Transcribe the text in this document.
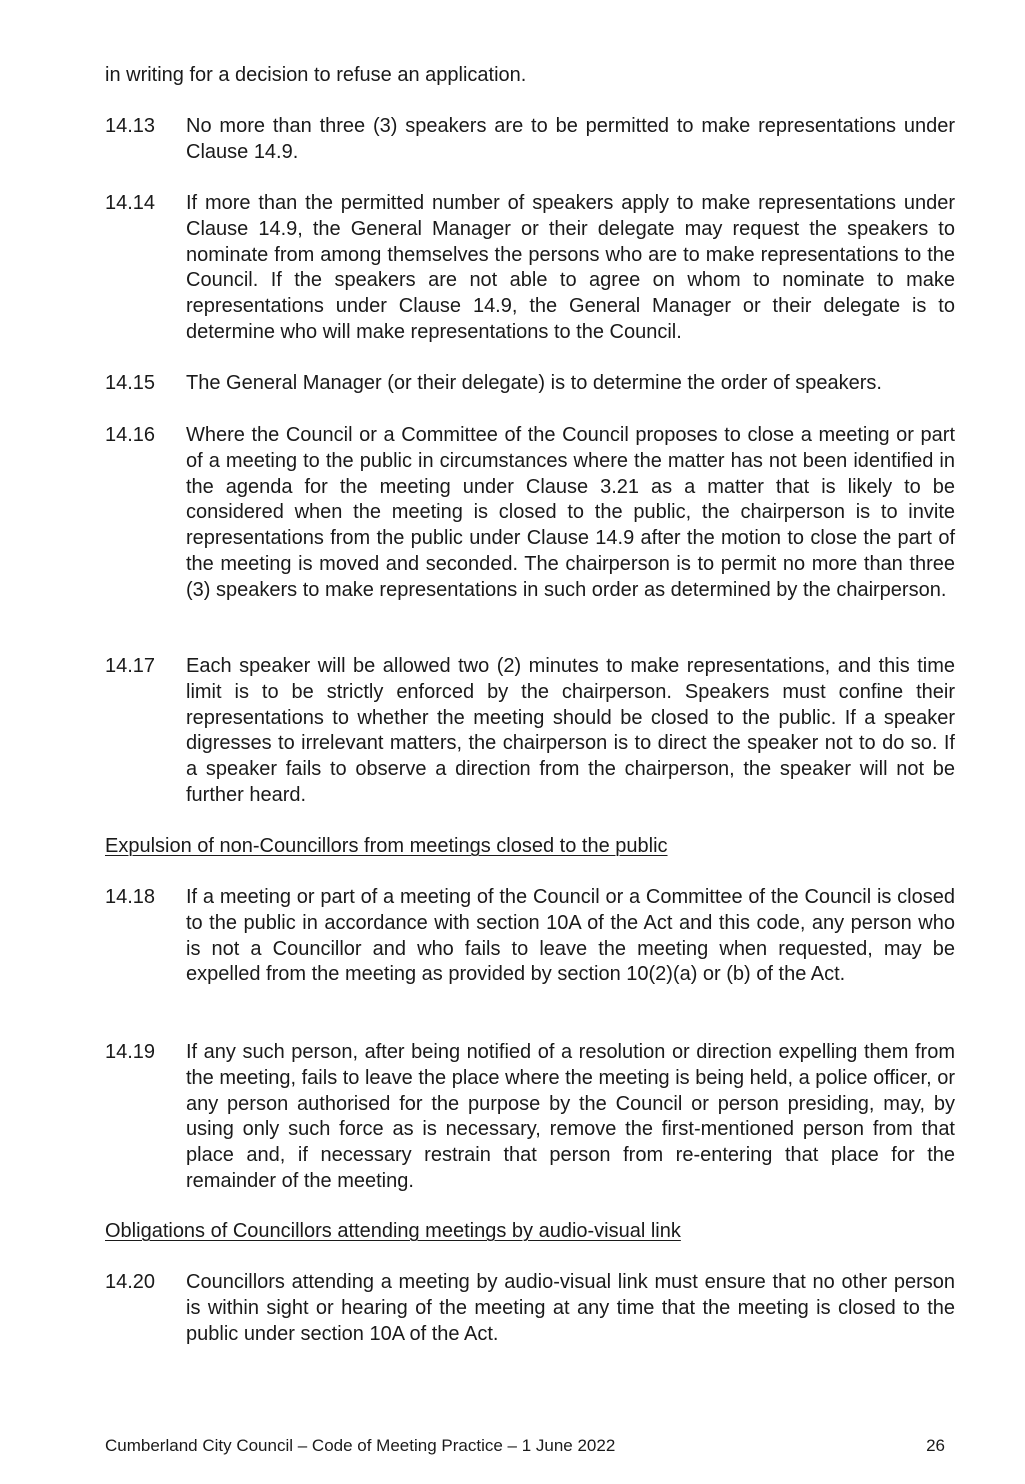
in writing for a decision to refuse an application.
14.13	No more than three (3) speakers are to be permitted to make representations under Clause 14.9.
14.14	If more than the permitted number of speakers apply to make representations under Clause 14.9, the General Manager or their delegate may request the speakers to nominate from among themselves the persons who are to make representations to the Council. If the speakers are not able to agree on whom to nominate to make representations under Clause 14.9, the General Manager or their delegate is to determine who will make representations to the Council.
14.15	The General Manager (or their delegate) is to determine the order of speakers.
14.16	Where the Council or a Committee of the Council proposes to close a meeting or part of a meeting to the public in circumstances where the matter has not been identified in the agenda for the meeting under Clause 3.21 as a matter that is likely to be considered when the meeting is closed to the public, the chairperson is to invite representations from the public under Clause 14.9 after the motion to close the part of the meeting is moved and seconded. The chairperson is to permit no more than three (3) speakers to make representations in such order as determined by the chairperson.
14.17	Each speaker will be allowed two (2) minutes to make representations, and this time limit is to be strictly enforced by the chairperson. Speakers must confine their representations to whether the meeting should be closed to the public. If a speaker digresses to irrelevant matters, the chairperson is to direct the speaker not to do so. If a speaker fails to observe a direction from the chairperson, the speaker will not be further heard.
Expulsion of non-Councillors from meetings closed to the public
14.18	If a meeting or part of a meeting of the Council or a Committee of the Council is closed to the public in accordance with section 10A of the Act and this code, any person who is not a Councillor and who fails to leave the meeting when requested, may be expelled from the meeting as provided by section 10(2)(a) or (b) of the Act.
14.19	If any such person, after being notified of a resolution or direction expelling them from the meeting, fails to leave the place where the meeting is being held, a police officer, or any person authorised for the purpose by the Council or person presiding, may, by using only such force as is necessary, remove the first-mentioned person from that place and, if necessary restrain that person from re-entering that place for the remainder of the meeting.
Obligations of Councillors attending meetings by audio-visual link
14.20	Councillors attending a meeting by audio-visual link must ensure that no other person is within sight or hearing of the meeting at any time that the meeting is closed to the public under section 10A of the Act.
Cumberland City Council – Code of Meeting Practice – 1 June 2022	26
